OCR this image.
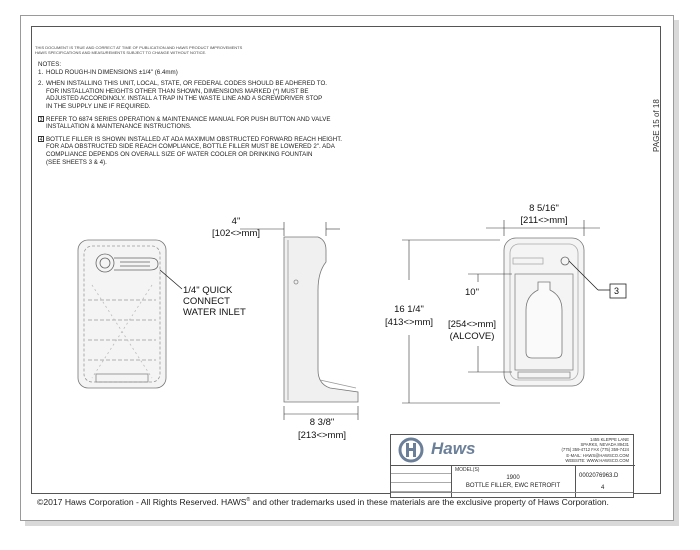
THIS DOCUMENT IS TRUE AND CORRECT AT TIME OF PUBLICATION AND HAWS PRODUCT IMPROVEMENTS
HAWS SPECIFICATIONS AND MEASUREMENTS SUBJECT TO CHANGE WITHOUT NOTICE.
NOTES:
1. HOLD ROUGH-IN DIMENSIONS ±1/4" (6.4mm)
2. WHEN INSTALLING THIS UNIT, LOCAL, STATE, OR FEDERAL CODES SHOULD BE ADHERED TO.
FOR INSTALLATION HEIGHTS OTHER THAN SHOWN, DIMENSIONS MARKED (*) MUST BE
ADJUSTED ACCORDINGLY. INSTALL A TRAP IN THE WASTE LINE AND A SCREWDRIVER STOP
IN THE SUPPLY LINE IF REQUIRED.
3 REFER TO 6874 SERIES OPERATION & MAINTENANCE MANUAL FOR PUSH BUTTON AND VALVE
INSTALLATION & MAINTENANCE INSTRUCTIONS.
4 BOTTLE FILLER IS SHOWN INSTALLED AT ADA MAXIMUM OBSTRUCTED FORWARD REACH HEIGHT.
FOR ADA OBSTRUCTED SIDE REACH COMPLIANCE, BOTTLE FILLER MUST BE LOWERED 2". ADA
COMPLIANCE DEPENDS ON OVERALL SIZE OF WATER COOLER OR DRINKING FOUNTAIN
(SEE SHEETS 3 & 4).
PAGE 15 of 18
4"
[102<>mm]
8 5/16"
[211<>mm]
16 1/4"
[413<>mm]
10"
[254<>mm]
(ALCOVE)
8 3/8"
[213<>mm]
1/4" QUICK
CONNECT
WATER INLET
3
Haws	1455 KLEPPE LANE
SPARKS, NEVADA 89431
(775) 359-4712 FAX (775) 359-7424
E-MAIL: HAWS@HAWSCO.COM
WEBSITE: WWW.HAWSCO.COM
MODEL(S)
1900
BOTTLE FILLER, EWC RETROFIT
0002076963.D
4
©2017 Haws Corporation - All Rights Reserved. HAWS® and other trademarks used in these materials are the exclusive property of Haws Corporation.
